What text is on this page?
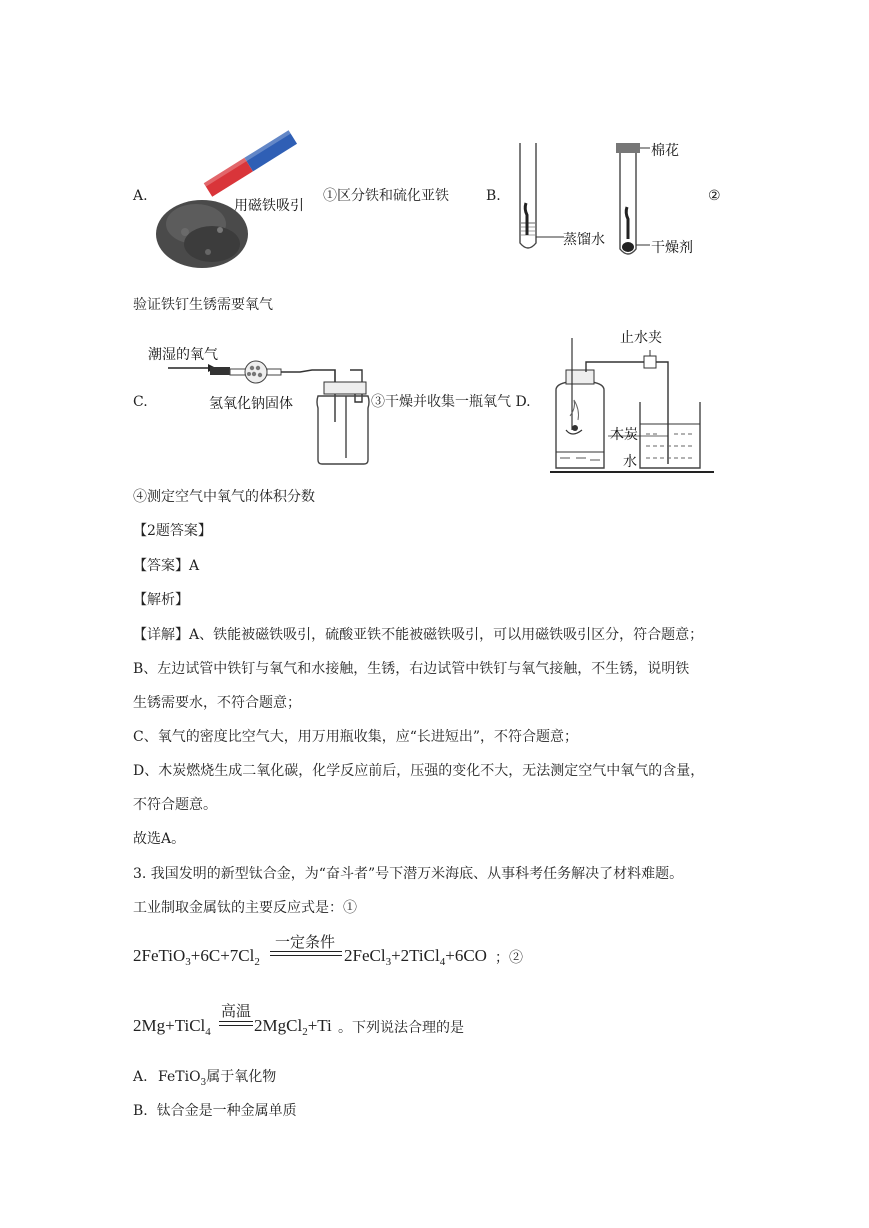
A.
用磁铁吸引
①区分铁和硫化亚铁	B.
棉花
蒸馏水	干燥剂
②
验证铁钉生锈需要氧气
C.
潮湿的氧气
氢氧化钠固体	③干燥并收集一瓶氧气 D.
止水夹
木炭
水
④测定空气中氧气的体积分数
【2题答案】
【答案】A
【解析】
【详解】A、铁能被磁铁吸引，硫酸亚铁不能被磁铁吸引，可以用磁铁吸引区分，符合题意；
B、左边试管中铁钉与氧气和水接触，生锈，右边试管中铁钉与氧气接触，不生锈，说明铁
生锈需要水，不符合题意；
C、氧气的密度比空气大，用万用瓶收集，应“长进短出”，不符合题意；
D、木炭燃烧生成二氧化碳，化学反应前后，压强的变化不大，无法测定空气中氧气的含量，
不符合题意。
故选A。
3. 我国发明的新型钛合金，为“奋斗者”号下潜万米海底、从事科考任务解决了材料难题。
工业制取金属钛的主要反应式是：①
$2FeTiO_3+6C+7Cl_2$
一定条件
2FeCl$_3$+2TiCl$_4$+6CO ；②
2Mg+TiCl$_4$
高温
2MgCl$_2$+Ti 。下列说法合理的是
A. FeTiO$_3$属于氧化物
B.  钛合金是一种金属单质
